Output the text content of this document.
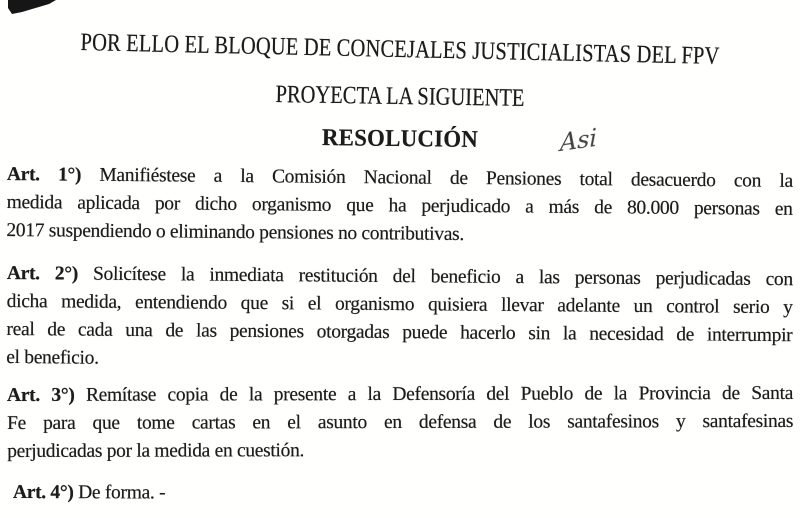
POR ELLO EL BLOQUE DE CONCEJALES JUSTICIALISTAS DEL FPV
PROYECTA LA SIGUIENTE
RESOLUCIÓN	Asi
Art. 1°) Manifiéstese a la Comisión Nacional de Pensiones total desacuerdo con la
medida aplicada por dicho organismo que ha perjudicado a más de 80.000 personas en
2017 suspendiendo o eliminando pensiones no contributivas.
Art. 2°) Solicítese la inmediata restitución del beneficio a las personas perjudicadas con
dicha medida, entendiendo que si el organismo quisiera llevar adelante un control serio y
real de cada una de las pensiones otorgadas puede hacerlo sin la necesidad de interrumpir
el beneficio.
Art. 3°) Remítase copia de la presente a la Defensoría del Pueblo de la Provincia de Santa
Fe para que tome cartas en el asunto en defensa de los santafesinos y santafesinas
perjudicadas por la medida en cuestión.
Art. 4°) De forma. -
